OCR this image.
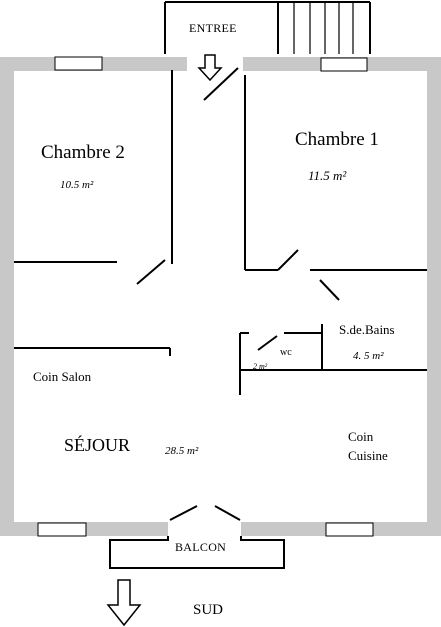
ENTREE
Chambre 2
10.5 m²
Chambre 1
11.5 m²
S.de.Bains
4. 5 m²
wc
2 m²
Coin Salon
SÉJOUR	28.5 m²
Coin
Cuisine
BALCON
SUD
